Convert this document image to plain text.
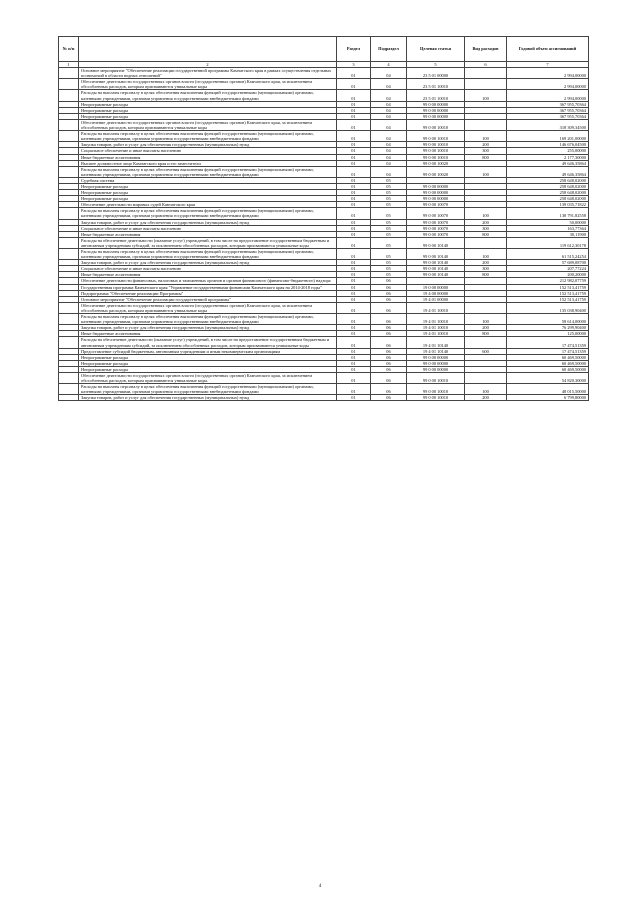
№ п/п		Раздел	Подраздел	Целевая статья	Вид расходов	Годовой объем ассигнований
1	2	3	4	5	6	7
	Основное мероприятие "Обеспечение реализации государственной программы Камчатского края в рамках осуществления отдельных полномочий в области водных отношений"	01	04	23 5 01 00000		2 994,00000
	Обеспечение деятельности государственных органов власти (государственных органов) Камчатского края, за исключением обособленных расходов, которым присваиваются уникальные коды	01	04	23 5 01 10010		2 994,00000
	Расходы на выплаты персоналу в целях обеспечения выполнения функций государственными (муниципальными) органами, казенными учреждениями, органами управления государственными внебюджетными фондами	01	04	23 5 01 10010	100	2 994,00000
	Непрограммные расходы	01	04	99 0 00 00000		367 955,70364
	Непрограммные расходы	01	04	99 0 00 00000		367 955,70364
	Непрограммные расходы	01	04	99 0 00 00000		367 955,70364
	Обеспечение деятельности государственных органов власти (государственных органов) Камчатского края, за исключением обособленных расходов, которым присваиваются уникальные коды	01	04	99 0 00 10010		318 309,34500
	Расходы на выплаты персоналу в целях обеспечения выполнения функций государственными (муниципальными) органами, казенными учреждениями, органами управления государственными внебюджетными фондами	01	04	99 0 00 10010	100	169 201,00000
	Закупка товаров, работ и услуг для обеспечения государственных (муниципальных) нужд	01	04	99 0 00 10010	200	146 676,04500
	Социальное обеспечение и иные выплаты населению	01	04	99 0 00 10010	300	255,00000
	Иные бюджетные ассигнования	01	04	99 0 00 10010	800	2 177,30000
	Высшее должностное лицо Камчатского края и его заместители	01	04	99 0 00 10020		49 646,35864
	Расходы на выплаты персоналу в целях обеспечения выполнения функций государственными (муниципальными) органами, казенными учреждениями, органами управления государственными внебюджетными фондами	01	04	99 0 00 10020	100	49 646,35864
	Судебная система	01	05			258 648,02000
	Непрограммные расходы	01	05	99 0 00 00000		258 648,02000
	Непрограммные расходы	01	05	99 0 00 00000		258 648,02000
	Непрограммные расходы	01	05	99 0 00 00000		258 648,02000
	Обеспечение деятельности мировых судей Камчатского края	01	05	99 0 00 10070		139 035,71822
	Расходы на выплаты персоналу в целях обеспечения выполнения функций государственными (муниципальными) органами, казенными учреждениями, органами управления государственными внебюджетными фондами	01	05	99 0 00 10070	100	138 791,82558
	Закупка товаров, работ и услуг для обеспечения государственных (муниципальных) нужд	01	05	99 0 00 10070	200	50,00000
	Социальное обеспечение и иные выплаты населению	01	05	99 0 00 10070	300	163,77364
	Иные бюджетные ассигнования	01	05	99 0 00 10070	800	30,11900
	Расходы на обеспечение деятельности (оказание услуг) учреждений, в том числе на предоставление государственным бюджетным и автономным учреждениям субсидий, за исключением обособленных расходов, которым присваиваются уникальные коды	01	05	99 0 00 10140		119 612,30178
	Расходы на выплаты персоналу в целях обеспечения выполнения функций государственными (муниципальными) органами, казенными учреждениями, органами управления государственными внебюджетными фондами	01	05	99 0 00 10140	100	61 515,24254
	Закупка товаров, работ и услуг для обеспечения государственных (муниципальных) нужд	01	05	99 0 00 10140	200	57 689,08700
	Социальное обеспечение и иные выплаты населению	01	05	99 0 00 10140	300	207,77224
	Иные бюджетные ассигнования	01	05	99 0 00 10140	800	200,20000
	Обеспечение деятельности финансовых, налоговых и таможенных органов и органов финансового (финансово-бюджетного) надзора	01	06			212 982,07759
	Государственная программа Камчатского края "Управление государственными финансами Камчатского края на 2014-2018 годы"	01	06	19 0 00 00000		152 513,41759
	Подпрограмма "Обеспечение реализации Программы"	01	06	19 4 00 00000		152 513,41759
	Основное мероприятие "Обеспечение реализации государственной программы"	01	06	19 4 01 00000		152 513,41759
	Обеспечение деятельности государственных органов власти (государственных органов) Камчатского края, за исключением обособленных расходов, которым присваиваются уникальные коды	01	06	19 4 01 10010		135 038,90400
	Расходы на выплаты персоналу в целях обеспечения выполнения функций государственными (муниципальными) органами, казенными учреждениями, органами управления государственными внебюджетными фондами	01	06	19 4 01 10010	100	58 614,00000
	Закупка товаров, работ и услуг для обеспечения государственных (муниципальных) нужд	01	06	19 4 01 10010	200	76 299,90400
	Иные бюджетные ассигнования	01	06	19 4 01 10010	800	125,00000
	Расходы на обеспечение деятельности (оказание услуг) учреждений, в том числе на предоставление государственным бюджетным и автономным учреждениям субсидий, за исключением обособленных расходов, которым присваиваются уникальные коды	01	06	19 4 01 10140		17 474,51359
	Предоставление субсидий бюджетным, автономным учреждениям и иным некоммерческим организациям	01	06	19 4 01 10140	600	17 474,51359
	Непрограммные расходы	01	06	99 0 00 00000		60 469,50000
	Непрограммные расходы	01	06	99 0 00 00000		60 469,50000
	Непрограммные расходы	01	06	99 0 00 00000		60 469,50000
	Обеспечение деятельности государственных органов власти (государственных органов) Камчатского края, за исключением обособленных расходов, которым присваиваются уникальные коды.	01	06	99 0 00 10010		54 820,30000
	Расходы на выплаты персоналу в целях обеспечения выполнения функций государственными (муниципальными) органами, казенными учреждениями, органами управления государственными внебюджетными фондами	01	06	99 0 00 10010	100	48 015,50000
	Закупка товаров, работ и услуг для обеспечения государственных (муниципальных) нужд	01	06	99 0 00 10010	200	6 799,80000
4
